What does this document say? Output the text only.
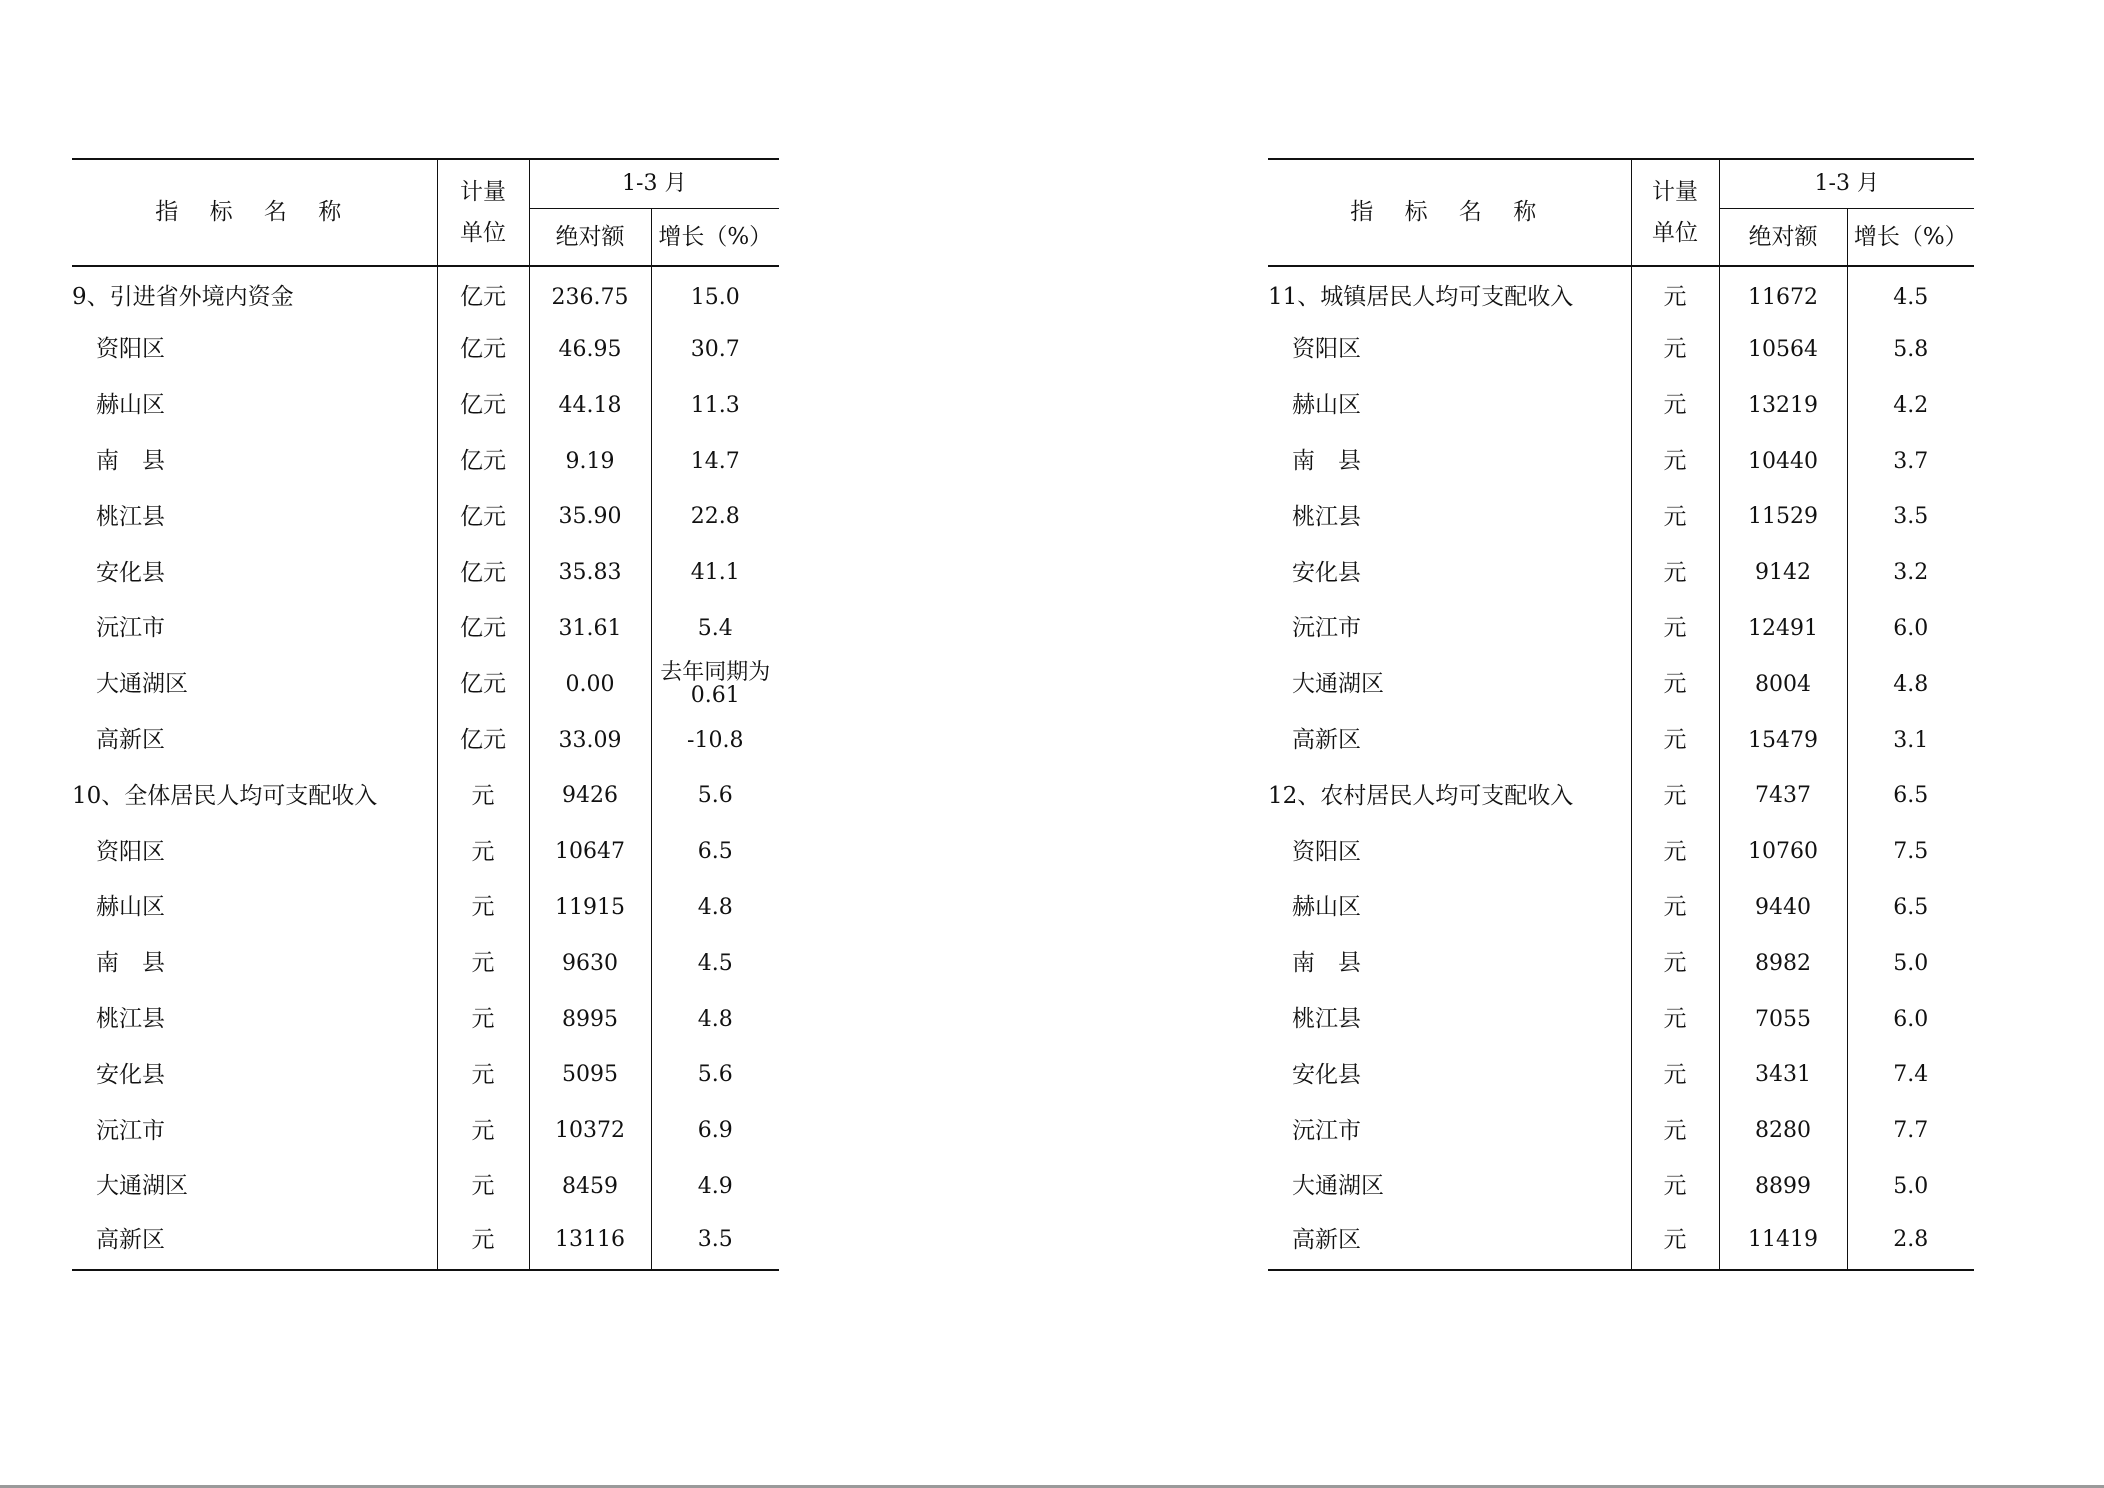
指 标 名 称	计量
单位	1-3 月	
		绝对额	增长（%）
9、引进省外境内资金	亿元	236.75	15.0
资阳区	亿元	46.95	30.7
赫山区	亿元	44.18	11.3
南　县	亿元	9.19	14.7
桃江县	亿元	35.90	22.8
安化县	亿元	35.83	41.1
沅江市	亿元	31.61	5.4
大通湖区	亿元	0.00	去年同期为0.61
高新区	亿元	33.09	-10.8
10、全体居民人均可支配收入	元	9426	5.6
资阳区	元	10647	6.5
赫山区	元	11915	4.8
南　县	元	9630	4.5
桃江县	元	8995	4.8
安化县	元	5095	5.6
沅江市	元	10372	6.9
大通湖区	元	8459	4.9
高新区	元	13116	3.5
指 标 名 称	计量
单位	1-3 月	
		绝对额	增长（%）
11、城镇居民人均可支配收入	元	11672	4.5
资阳区	元	10564	5.8
赫山区	元	13219	4.2
南　县	元	10440	3.7
桃江县	元	11529	3.5
安化县	元	9142	3.2
沅江市	元	12491	6.0
大通湖区	元	8004	4.8
高新区	元	15479	3.1
12、农村居民人均可支配收入	元	7437	6.5
资阳区	元	10760	7.5
赫山区	元	9440	6.5
南　县	元	8982	5.0
桃江县	元	7055	6.0
安化县	元	3431	7.4
沅江市	元	8280	7.7
大通湖区	元	8899	5.0
高新区	元	11419	2.8
